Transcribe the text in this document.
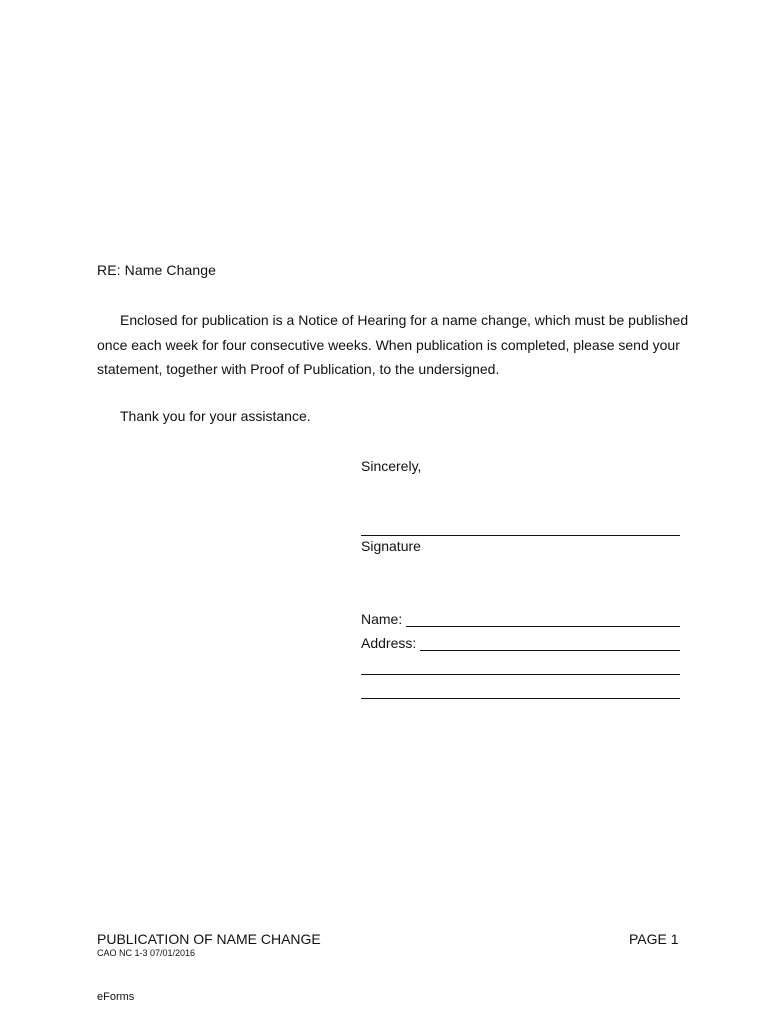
RE: Name Change

Enclosed for publication is a Notice of Hearing for a name change, which must be published once each week for four consecutive weeks. When publication is completed, please send your statement, together with Proof of Publication, to the undersigned.

Thank you for your assistance.
Sincerely,
Signature
Name:
Address:
PUBLICATION OF NAME CHANGE	PAGE 1
CAO NC 1-3 07/01/2016
eForms
